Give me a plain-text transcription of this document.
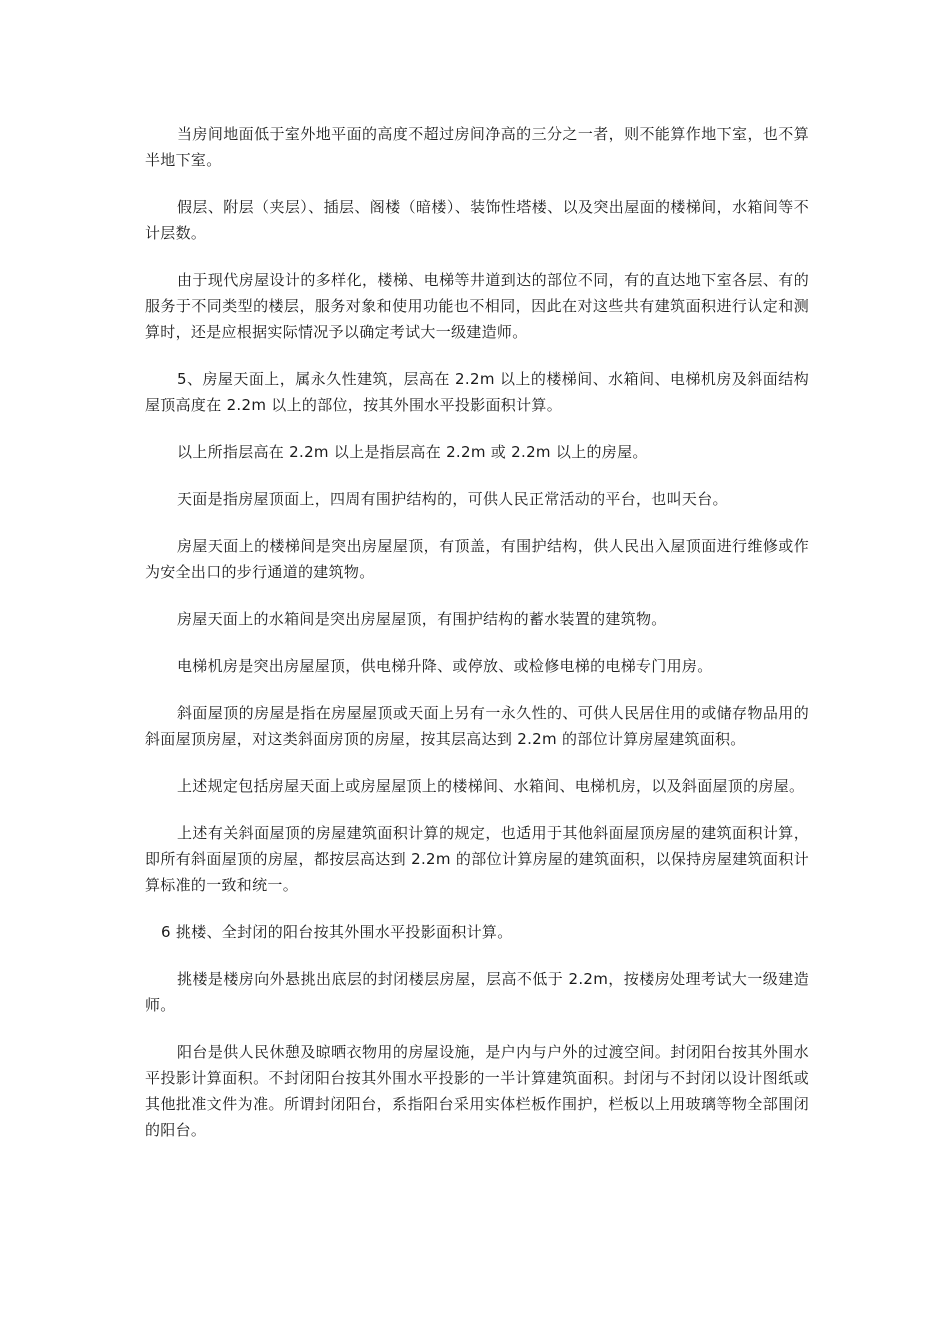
当房间地面低于室外地平面的高度不超过房间净高的三分之一者，则不能算作地下室，也不算半地下室。

假层、附层（夹层）、插层、阁楼（暗楼）、装饰性塔楼、以及突出屋面的楼梯间，水箱间等不计层数。

由于现代房屋设计的多样化，楼梯、电梯等井道到达的部位不同，有的直达地下室各层、有的服务于不同类型的楼层，服务对象和使用功能也不相同，因此在对这些共有建筑面积进行认定和测算时，还是应根据实际情况予以确定考试大一级建造师。

5、房屋天面上，属永久性建筑，层高在 2.2m 以上的楼梯间、水箱间、电梯机房及斜面结构屋顶高度在 2.2m 以上的部位，按其外围水平投影面积计算。

以上所指层高在 2.2m 以上是指层高在 2.2m 或 2.2m 以上的房屋。

天面是指房屋顶面上，四周有围护结构的，可供人民正常活动的平台，也叫天台。

房屋天面上的楼梯间是突出房屋屋顶，有顶盖，有围护结构，供人民出入屋顶面进行维修或作为安全出口的步行通道的建筑物。

房屋天面上的水箱间是突出房屋屋顶，有围护结构的蓄水装置的建筑物。

电梯机房是突出房屋屋顶，供电梯升降、或停放、或检修电梯的电梯专门用房。

斜面屋顶的房屋是指在房屋屋顶或天面上另有一永久性的、可供人民居住用的或储存物品用的斜面屋顶房屋，对这类斜面房顶的房屋，按其层高达到 2.2m 的部位计算房屋建筑面积。

上述规定包括房屋天面上或房屋屋顶上的楼梯间、水箱间、电梯机房，以及斜面屋顶的房屋。

上述有关斜面屋顶的房屋建筑面积计算的规定，也适用于其他斜面屋顶房屋的建筑面积计算，即所有斜面屋顶的房屋，都按层高达到 2.2m 的部位计算房屋的建筑面积，以保持房屋建筑面积计算标准的一致和统一。

6 挑楼、全封闭的阳台按其外围水平投影面积计算。

挑楼是楼房向外悬挑出底层的封闭楼层房屋，层高不低于 2.2m，按楼房处理考试大一级建造师。

阳台是供人民休憩及晾晒衣物用的房屋设施，是户内与户外的过渡空间。封闭阳台按其外围水平投影计算面积。不封闭阳台按其外围水平投影的一半计算建筑面积。封闭与不封闭以设计图纸或其他批准文件为准。所谓封闭阳台，系指阳台采用实体栏板作围护，栏板以上用玻璃等物全部围闭的阳台。
